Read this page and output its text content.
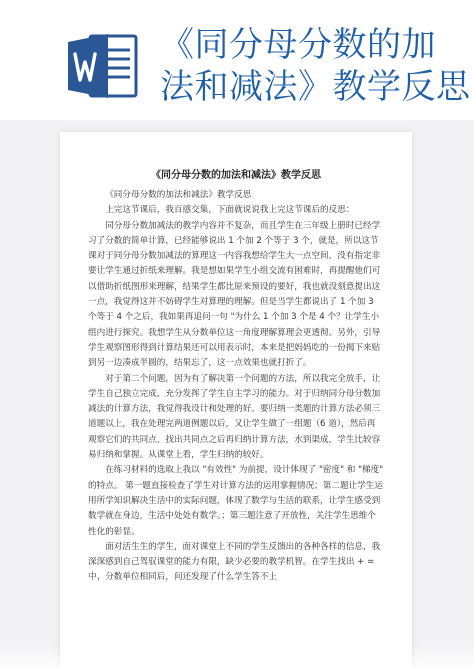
《同分母分数的加
法和减法》教学反思
《同分母分数的加法和减法》教学反思

《同分母分数的加法和减法》教学反思

上完这节课后，我百感交集，下面就说说我上完这节课后的反思：

同分母分数加减法的教学内容并不复杂，而且学生在三年级上册时已经学习了分数的简单计算，已经能够说出 1 个加 2 个等于 3 个，就是，所以这节课对于同分母分数加减法的算理这一内容我想给学生大一点空间，没有指定非要让学生通过折纸来理解。我是想如果学生小组交流有困难时，再提醒他们可以借助折纸图形来理解，结果学生都比原来预设的要好，我也就没刻意提出这一点，我觉得这并不妨碍学生对算理的理解。但是当学生都说出了 1 个加 3 个等于 4 个之后，我如果再追问一句 "为什么 1 个加 3 个是 4 个？让学生小组内进行探究。我想学生从分数单位这一角度理解算理会更透彻。另外，引导学生观察图形得到计算结果还可以用表示时，本来是把妈妈吃的一份揭下来贴到另一边凑成半圆的，结果忘了，这一点效果也就打折了。

对于第二个问题，因为有了解决第一个问题的方法，所以我完全放手，让学生自己独立完成，充分发挥了学生自主学习的能力。对于归纳同分母分数加减法的计算方法，我觉得我设计和处理的好。要归纳一类题的计算方法必须三道题以上，我在处理完两道例题以后，又让学生做了一组题（6 道），然后再观察它们的共同点，找出共同点之后再归纳计算方法，水到渠成，学生比较容易归纳和掌握。从课堂上看，学生归纳的较好。

在练习材料的选取上我以 "有效性" 为前提，设计体现了 "密度" 和 "梯度" 的特点。 第一题直接检查了学生对计算方法的运用掌握情况；第二题让学生运用所学知识解决生活中的实际问题，体现了数学与生活的联系，让学生感受到数学就在身边，生活中处处有数学。；第三题注意了开放性，关注学生思维个性化的彰显。

面对活生生的学生，面对课堂上不同的学生反馈出的各种各样的信息，我深深感到自己驾驭课堂的能力有限，缺少必要的教学机智。在学生找出 + = 中、分数单位相同后，问还发现了什么学生答不上
